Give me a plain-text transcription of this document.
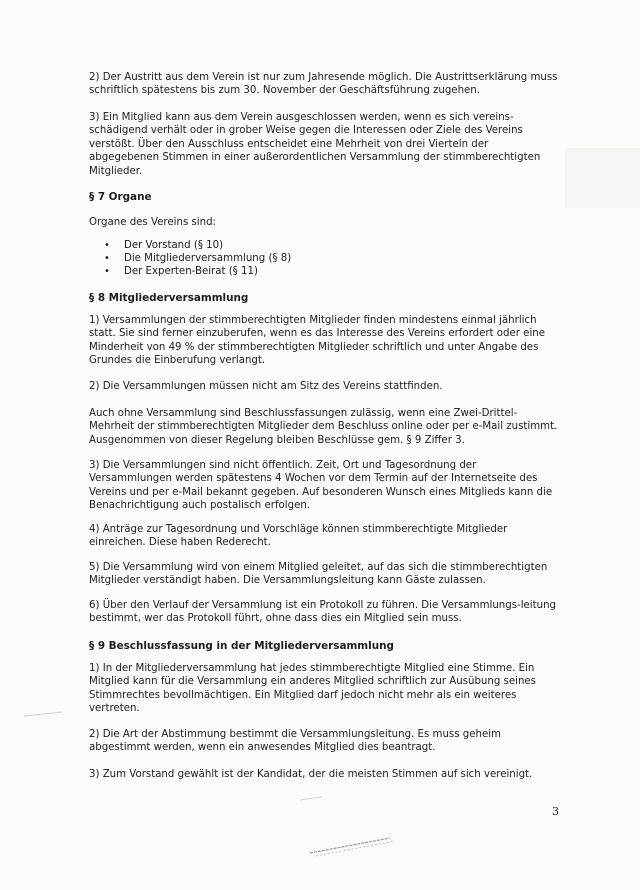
2) Der Austritt aus dem Verein ist nur zum Jahresende möglich. Die Austrittserklärung muss schriftlich spätestens bis zum 30. November der Geschäftsführung zugehen.

3) Ein Mitglied kann aus dem Verein ausgeschlossen werden, wenn es sich vereins-schädigend verhält oder in grober Weise gegen die Interessen oder Ziele des Vereins verstößt. Über den Ausschluss entscheidet eine Mehrheit von drei Vierteln der abgegebenen Stimmen in einer außerordentlichen Versammlung der stimmberechtigten Mitglieder.

§ 7 Organe

Organe des Vereins sind:

• Der Vorstand (§ 10)
• Die Mitgliederversammlung (§ 8)
• Der Experten-Beirat (§ 11)
§ 8 Mitgliederversammlung

1) Versammlungen der stimmberechtigten Mitglieder finden mindestens einmal jährlich statt. Sie sind ferner einzuberufen, wenn es das Interesse des Vereins erfordert oder eine Minderheit von 49 % der stimmberechtigten Mitglieder schriftlich und unter Angabe des Grundes die Einberufung verlangt.

2) Die Versammlungen müssen nicht am Sitz des Vereins stattfinden.

Auch ohne Versammlung sind Beschlussfassungen zulässig, wenn eine Zwei-Drittel-Mehrheit der stimmberechtigten Mitglieder dem Beschluss online oder per e-Mail zustimmt. Ausgenommen von dieser Regelung bleiben Beschlüsse gem. § 9 Ziffer 3.

3) Die Versammlungen sind nicht öffentlich. Zeit, Ort und Tagesordnung der Versammlungen werden spätestens 4 Wochen vor dem Termin auf der Internetseite des Vereins und per e-Mail bekannt gegeben. Auf besonderen Wunsch eines Mitglieds kann die Benachrichtigung auch postalisch erfolgen.

4) Anträge zur Tagesordnung und Vorschläge können stimmberechtigte Mitglieder einreichen. Diese haben Rederecht.

5) Die Versammlung wird von einem Mitglied geleitet, auf das sich die stimmberechtigten Mitglieder verständigt haben. Die Versammlungsleitung kann Gäste zulassen.

6) Über den Verlauf der Versammlung ist ein Protokoll zu führen. Die Versammlungs-leitung bestimmt, wer das Protokoll führt, ohne dass dies ein Mitglied sein muss.

§ 9 Beschlussfassung in der Mitgliederversammlung

1) In der Mitgliederversammlung hat jedes stimmberechtigte Mitglied eine Stimme. Ein Mitglied kann für die Versammlung ein anderes Mitglied schriftlich zur Ausübung seines Stimmrechtes bevollmächtigen. Ein Mitglied darf jedoch nicht mehr als ein weiteres vertreten.

2) Die Art der Abstimmung bestimmt die Versammlungsleitung. Es muss geheim abgestimmt werden, wenn ein anwesendes Mitglied dies beantragt.

3) Zum Vorstand gewählt ist der Kandidat, der die meisten Stimmen auf sich vereinigt.

3
